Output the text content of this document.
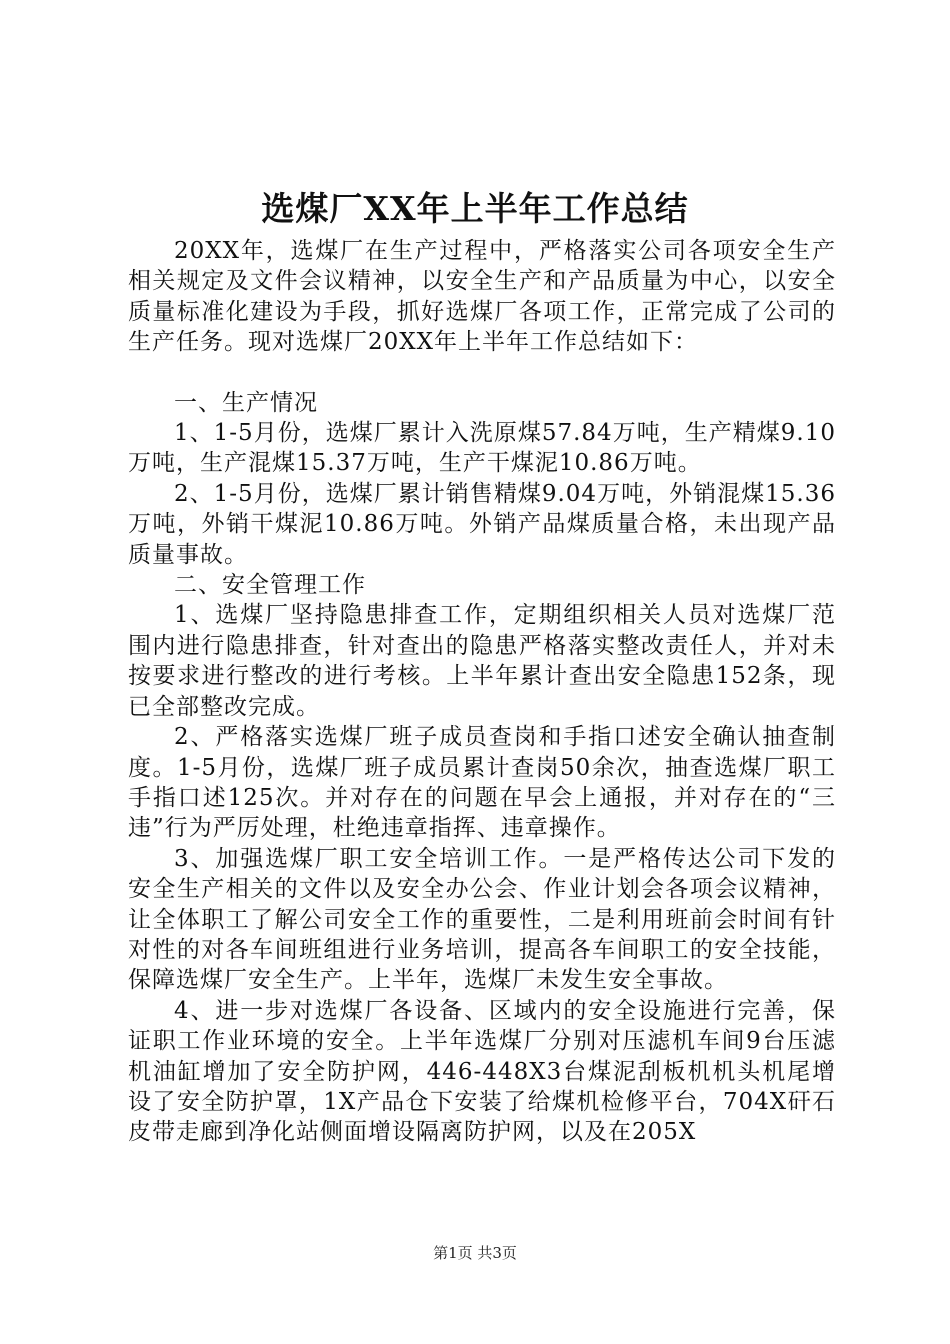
选煤厂XX年上半年工作总结

20XX年，选煤厂在生产过程中，严格落实公司各项安全生产相关规定及文件会议精神，以安全生产和产品质量为中心，以安全质量标准化建设为手段，抓好选煤厂各项工作，正常完成了公司的生产任务。现对选煤厂20XX年上半年工作总结如下：

一、生产情况

1、1-5月份，选煤厂累计入洗原煤57.84万吨，生产精煤9.10万吨，生产混煤15.37万吨，生产干煤泥10.86万吨。

2、1-5月份，选煤厂累计销售精煤9.04万吨，外销混煤15.36万吨，外销干煤泥10.86万吨。外销产品煤质量合格，未出现产品质量事故。

二、安全管理工作

1、选煤厂坚持隐患排查工作，定期组织相关人员对选煤厂范围内进行隐患排查，针对查出的隐患严格落实整改责任人，并对未按要求进行整改的进行考核。上半年累计查出安全隐患152条，现已全部整改完成。

2、严格落实选煤厂班子成员查岗和手指口述安全确认抽查制度。1-5月份，选煤厂班子成员累计查岗50余次，抽查选煤厂职工手指口述125次。并对存在的问题在早会上通报，并对存在的“三违”行为严厉处理，杜绝违章指挥、违章操作。

3、加强选煤厂职工安全培训工作。一是严格传达公司下发的安全生产相关的文件以及安全办公会、作业计划会各项会议精神，让全体职工了解公司安全工作的重要性，二是利用班前会时间有针对性的对各车间班组进行业务培训，提高各车间职工的安全技能，保障选煤厂安全生产。上半年，选煤厂未发生安全事故。

4、进一步对选煤厂各设备、区域内的安全设施进行完善，保证职工作业环境的安全。上半年选煤厂分别对压滤机车间9台压滤机油缸增加了安全防护网，446-448X3台煤泥刮板机机头机尾增设了安全防护罩，1X产品仓下安装了给煤机检修平台，704X矸石皮带走廊到净化站侧面增设隔离防护网，以及在205X

第1页 共3页
